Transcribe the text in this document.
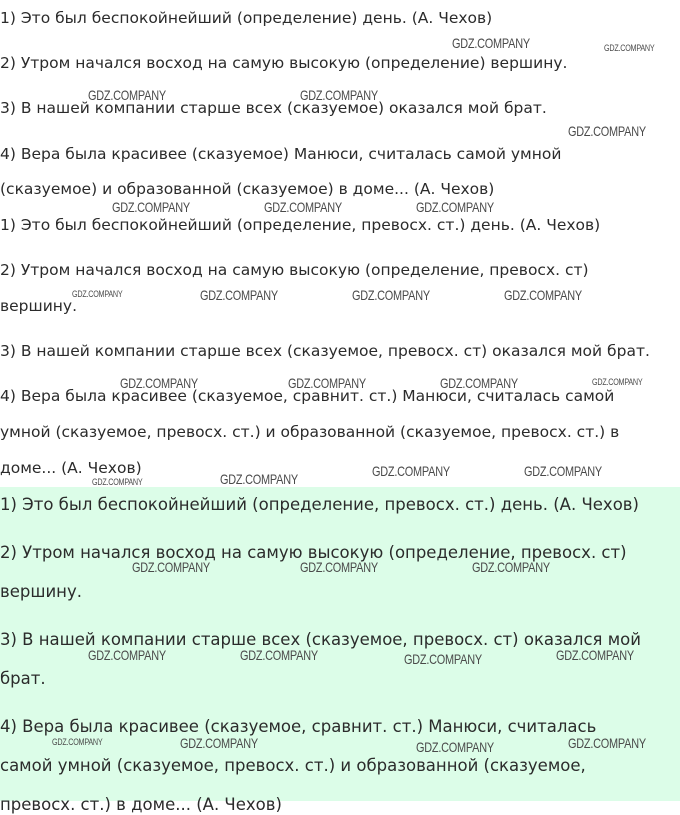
1) Это был беспокойнейший (определение) день. (А. Чехов)
2) Утром начался восход на самую высокую (определение) вершину.
3) В нашей компании старше всех (сказуемое) оказался мой брат.
4) Вера была красивее (сказуемое) Манюси, считалась самой умной
(сказуемое) и образованной (сказуемое) в доме... (А. Чехов)
1) Это был беспокойнейший (определение, превосх. ст.) день. (А. Чехов)
2) Утром начался восход на самую высокую (определение, превосх. ст)
вершину.
3) В нашей компании старше всех (сказуемое, превосх. ст) оказался мой брат.
4) Вера была красивее (сказуемое, сравнит. ст.) Манюси, считалась самой
умной (сказуемое, превосх. ст.) и образованной (сказуемое, превосх. ст.) в
доме... (А. Чехов)
1) Это был беспокойнейший (определение, превосх. ст.) день. (А. Чехов)
2) Утром начался восход на самую высокую (определение, превосх. ст)
вершину.
3) В нашей компании старше всех (сказуемое, превосх. ст) оказался мой
брат.
4) Вера была красивее (сказуемое, сравнит. ст.) Манюси, считалась
самой умной (сказуемое, превосх. ст.) и образованной (сказуемое,
превосх. ст.) в доме... (А. Чехов)
GDZ.COMPANY	GDZ.COMPANY
GDZ.COMPANY	GDZ.COMPANY
GDZ.COMPANY
GDZ.COMPANY	GDZ.COMPANY	GDZ.COMPANY
GDZ.COMPANY	GDZ.COMPANY	GDZ.COMPANY	GDZ.COMPANY
GDZ.COMPANY	GDZ.COMPANY	GDZ.COMPANY	GDZ.COMPANY
GDZ.COMPANY	GDZ.COMPANY	GDZ.COMPANY	GDZ.COMPANY
GDZ.COMPANY	GDZ.COMPANY	GDZ.COMPANY
GDZ.COMPANY	GDZ.COMPANY	GDZ.COMPANY	GDZ.COMPANY
GDZ.COMPANY	GDZ.COMPANY	GDZ.COMPANY	GDZ.COMPANY
